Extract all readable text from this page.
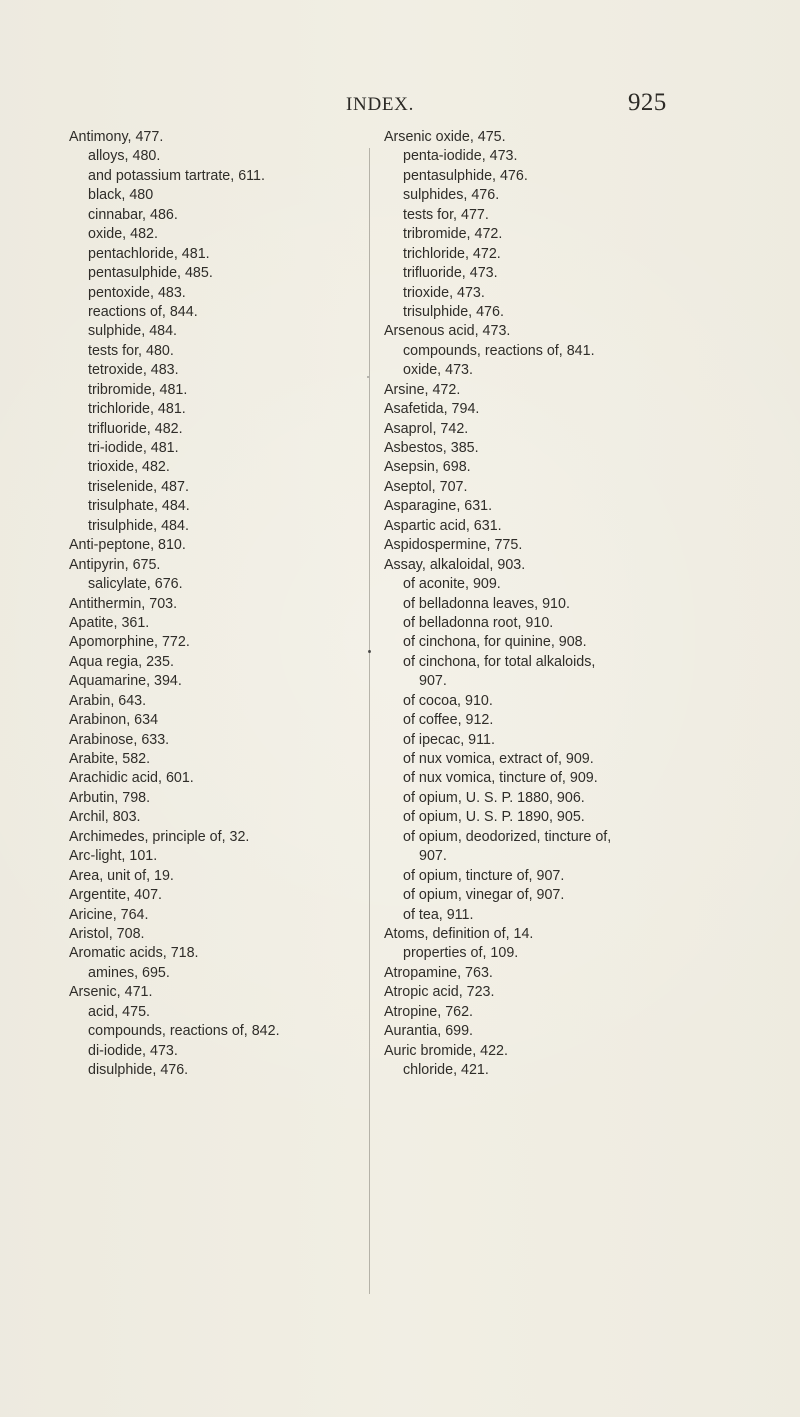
INDEX.	925
Antimony, 477.
alloys, 480.
and potassium tartrate, 611.
black, 480
cinnabar, 486.
oxide, 482.
pentachloride, 481.
pentasulphide, 485.
pentoxide, 483.
reactions of, 844.
sulphide, 484.
tests for, 480.
tetroxide, 483.
tribromide, 481.
trichloride, 481.
trifluoride, 482.
tri-iodide, 481.
trioxide, 482.
triselenide, 487.
trisulphate, 484.
trisulphide, 484.
Anti-peptone, 810.
Antipyrin, 675.
salicylate, 676.
Antithermin, 703.
Apatite, 361.
Apomorphine, 772.
Aqua regia, 235.
Aquamarine, 394.
Arabin, 643.
Arabinon, 634
Arabinose, 633.
Arabite, 582.
Arachidic acid, 601.
Arbutin, 798.
Archil, 803.
Archimedes, principle of, 32.
Arc-light, 101.
Area, unit of, 19.
Argentite, 407.
Aricine, 764.
Aristol, 708.
Aromatic acids, 718.
amines, 695.
Arsenic, 471.
acid, 475.
compounds, reactions of, 842.
di-iodide, 473.
disulphide, 476.
Arsenic oxide, 475.
penta-iodide, 473.
pentasulphide, 476.
sulphides, 476.
tests for, 477.
tribromide, 472.
trichloride, 472.
trifluoride, 473.
trioxide, 473.
trisulphide, 476.
Arsenous acid, 473.
compounds, reactions of, 841.
oxide, 473.
Arsine, 472.
Asafetida, 794.
Asaprol, 742.
Asbestos, 385.
Asepsin, 698.
Aseptol, 707.
Asparagine, 631.
Aspartic acid, 631.
Aspidospermine, 775.
Assay, alkaloidal, 903.
of aconite, 909.
of belladonna leaves, 910.
of belladonna root, 910.
of cinchona, for quinine, 908.
of cinchona, for total alkaloids,
907.
of cocoa, 910.
of coffee, 912.
of ipecac, 911.
of nux vomica, extract of, 909.
of nux vomica, tincture of, 909.
of opium, U. S. P. 1880, 906.
of opium, U. S. P. 1890, 905.
of opium, deodorized, tincture of,
907.
of opium, tincture of, 907.
of opium, vinegar of, 907.
of tea, 911.
Atoms, definition of, 14.
properties of, 109.
Atropamine, 763.
Atropic acid, 723.
Atropine, 762.
Aurantia, 699.
Auric bromide, 422.
chloride, 421.
